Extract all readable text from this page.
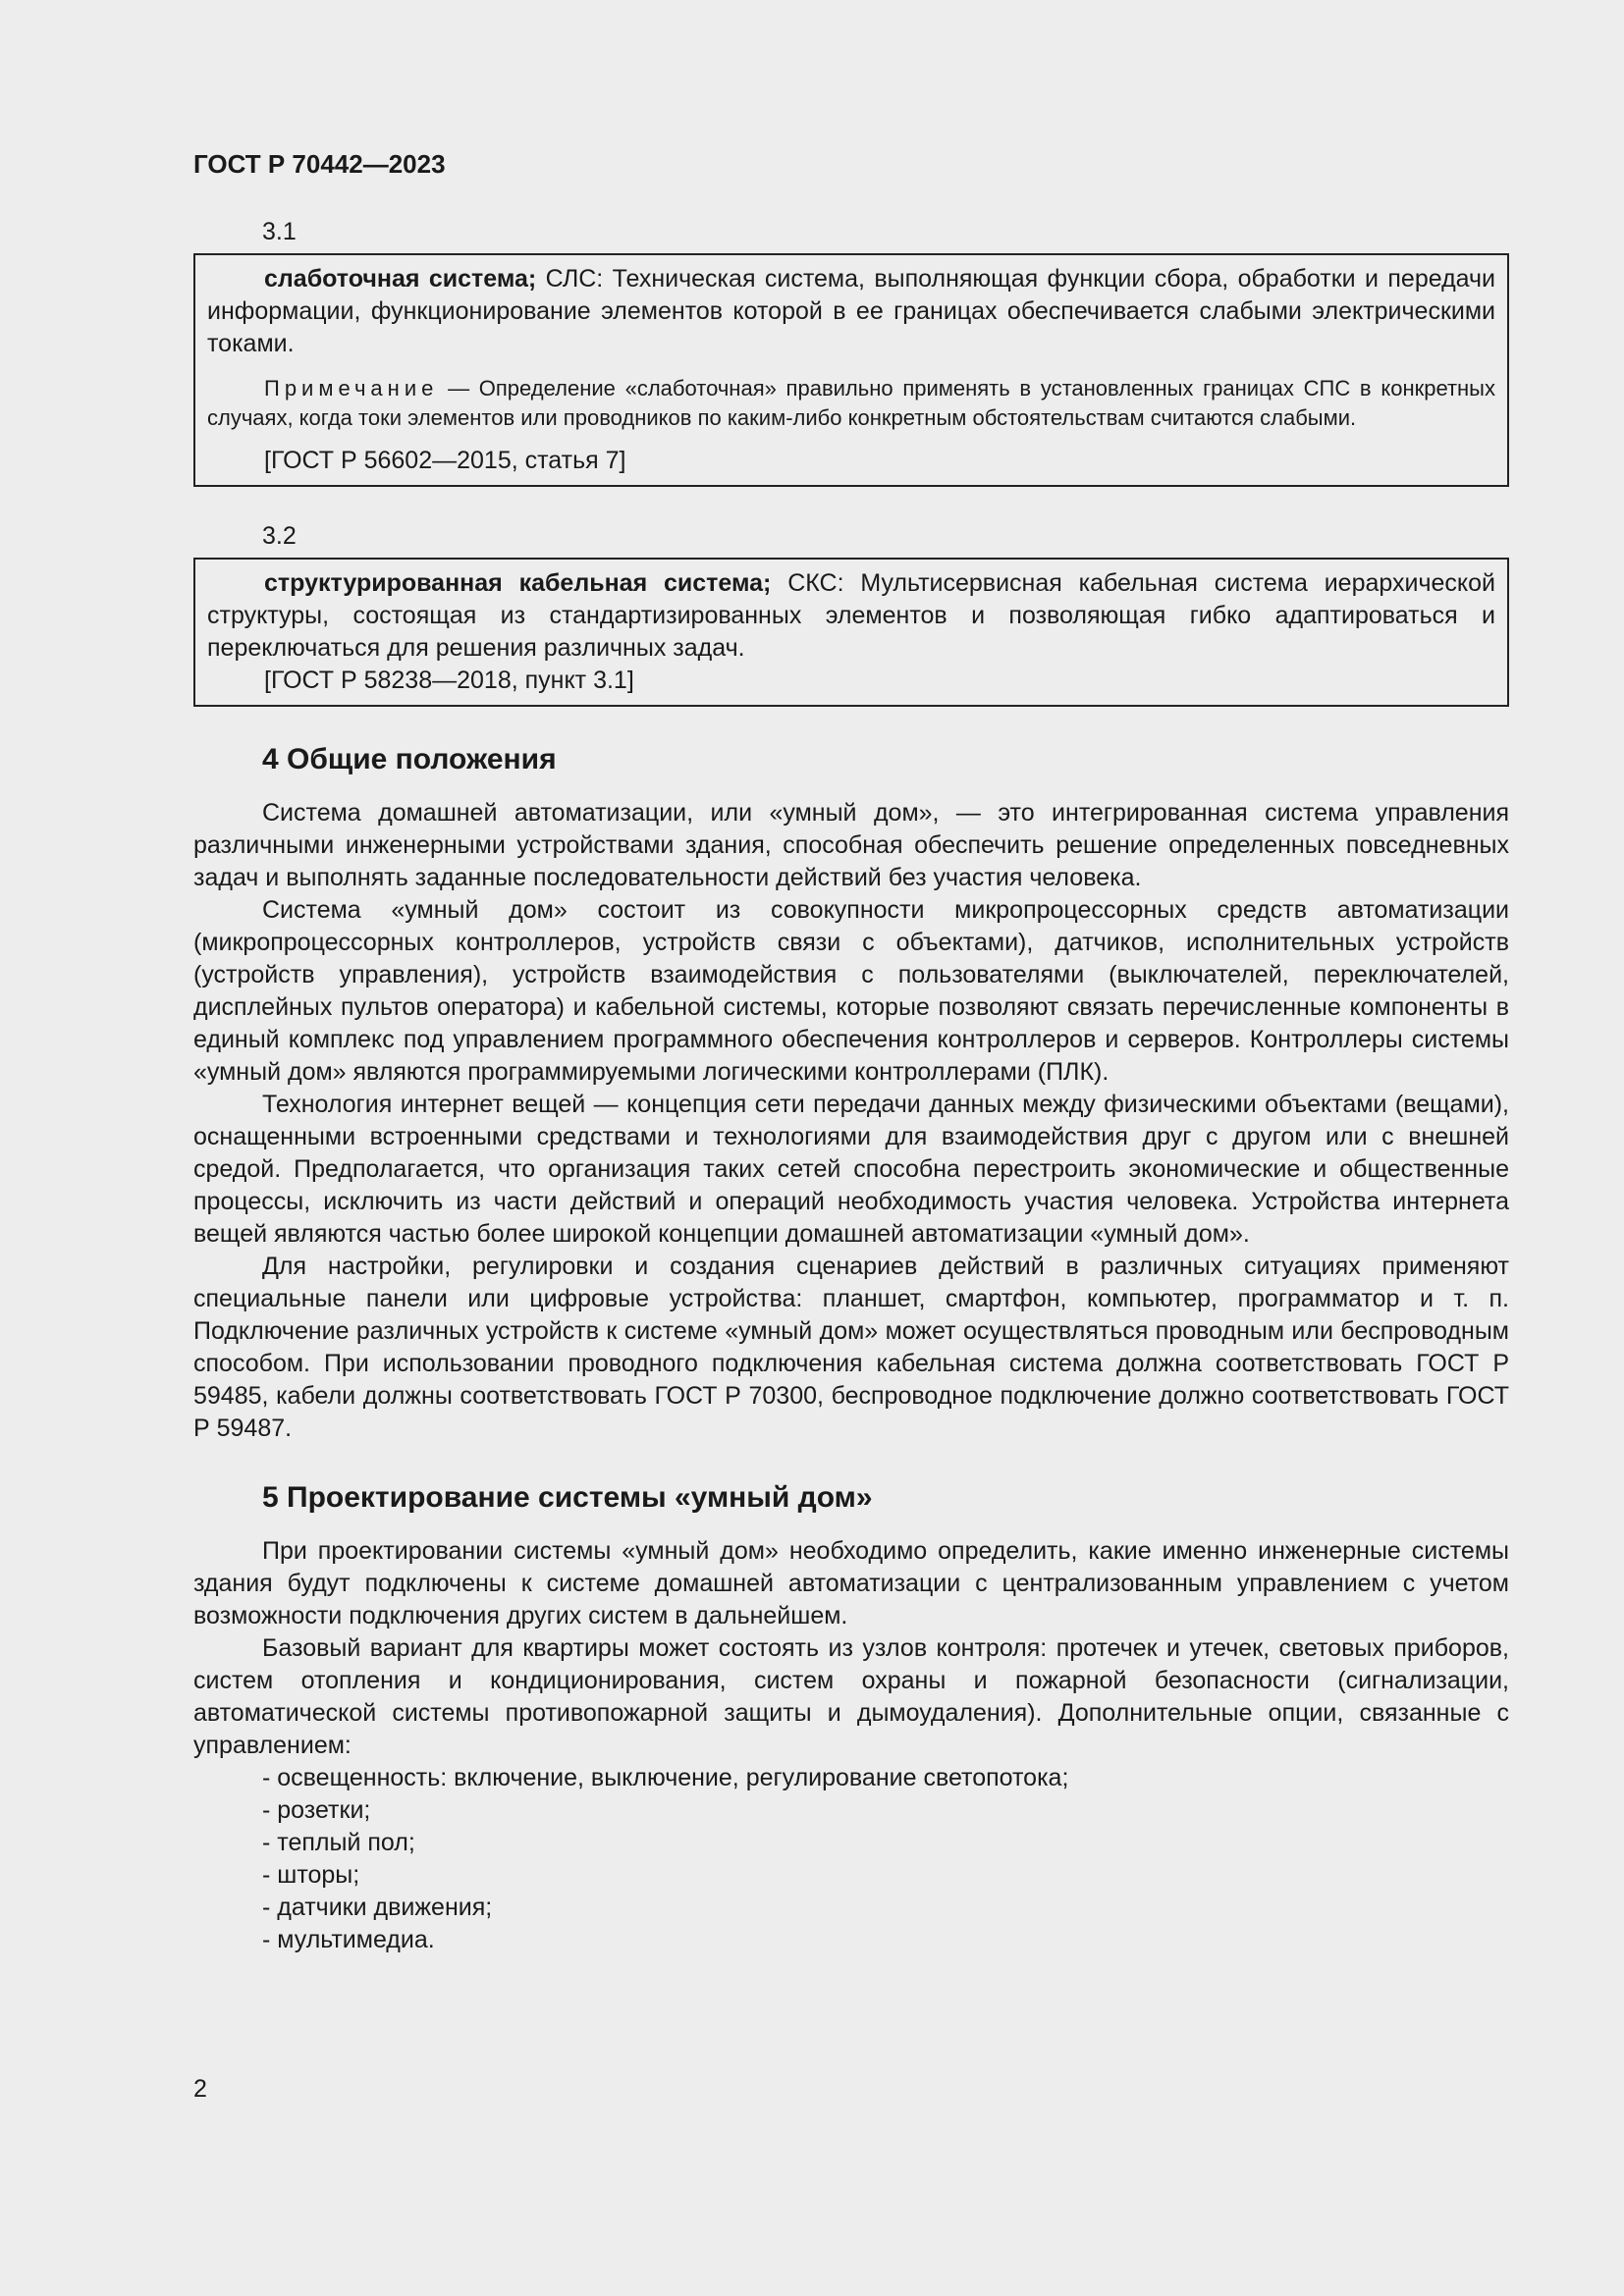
ГОСТ Р 70442—2023
3.1

слаботочная система; СЛС: Техническая система, выполняющая функции сбора, обработки и передачи информации, функционирование элементов которой в ее границах обеспечивается слабыми электрическими токами.

Примечание — Определение «слаботочная» правильно применять в установленных границах СПС в конкретных случаях, когда токи элементов или проводников по каким-либо конкретным обстоятельствам считаются слабыми.

[ГОСТ Р 56602—2015, статья 7]

3.2

структурированная кабельная система; СКС: Мультисервисная кабельная система иерархической структуры, состоящая из стандартизированных элементов и позволяющая гибко адаптироваться и переключаться для решения различных задач.

[ГОСТ Р 58238—2018, пункт 3.1]

4 Общие положения

Система домашней автоматизации, или «умный дом», — это интегрированная система управления различными инженерными устройствами здания, способная обеспечить решение определенных повседневных задач и выполнять заданные последовательности действий без участия человека.

Система «умный дом» состоит из совокупности микропроцессорных средств автоматизации (микропроцессорных контроллеров, устройств связи с объектами), датчиков, исполнительных устройств (устройств управления), устройств взаимодействия с пользователями (выключателей, переключателей, дисплейных пультов оператора) и кабельной системы, которые позволяют связать перечисленные компоненты в единый комплекс под управлением программного обеспечения контроллеров и серверов. Контроллеры системы «умный дом» являются программируемыми логическими контроллерами (ПЛК).

Технология интернет вещей — концепция сети передачи данных между физическими объектами (вещами), оснащенными встроенными средствами и технологиями для взаимодействия друг с другом или с внешней средой. Предполагается, что организация таких сетей способна перестроить экономические и общественные процессы, исключить из части действий и операций необходимость участия человека. Устройства интернета вещей являются частью более широкой концепции домашней автоматизации «умный дом».

Для настройки, регулировки и создания сценариев действий в различных ситуациях применяют специальные панели или цифровые устройства: планшет, смартфон, компьютер, программатор и т. п. Подключение различных устройств к системе «умный дом» может осуществляться проводным или беспроводным способом. При использовании проводного подключения кабельная система должна соответствовать ГОСТ Р 59485, кабели должны соответствовать ГОСТ Р 70300, беспроводное подключение должно соответствовать ГОСТ Р 59487.

5 Проектирование системы «умный дом»

При проектировании системы «умный дом» необходимо определить, какие именно инженерные системы здания будут подключены к системе домашней автоматизации с централизованным управлением с учетом возможности подключения других систем в дальнейшем.

Базовый вариант для квартиры может состоять из узлов контроля: протечек и утечек, световых приборов, систем отопления и кондиционирования, систем охраны и пожарной безопасности (сигнализации, автоматической системы противопожарной защиты и дымоудаления). Дополнительные опции, связанные с управлением:

- освещенность: включение, выключение, регулирование светопотока;
- розетки;
- теплый пол;
- шторы;
- датчики движения;
- мультимедиа.
2
